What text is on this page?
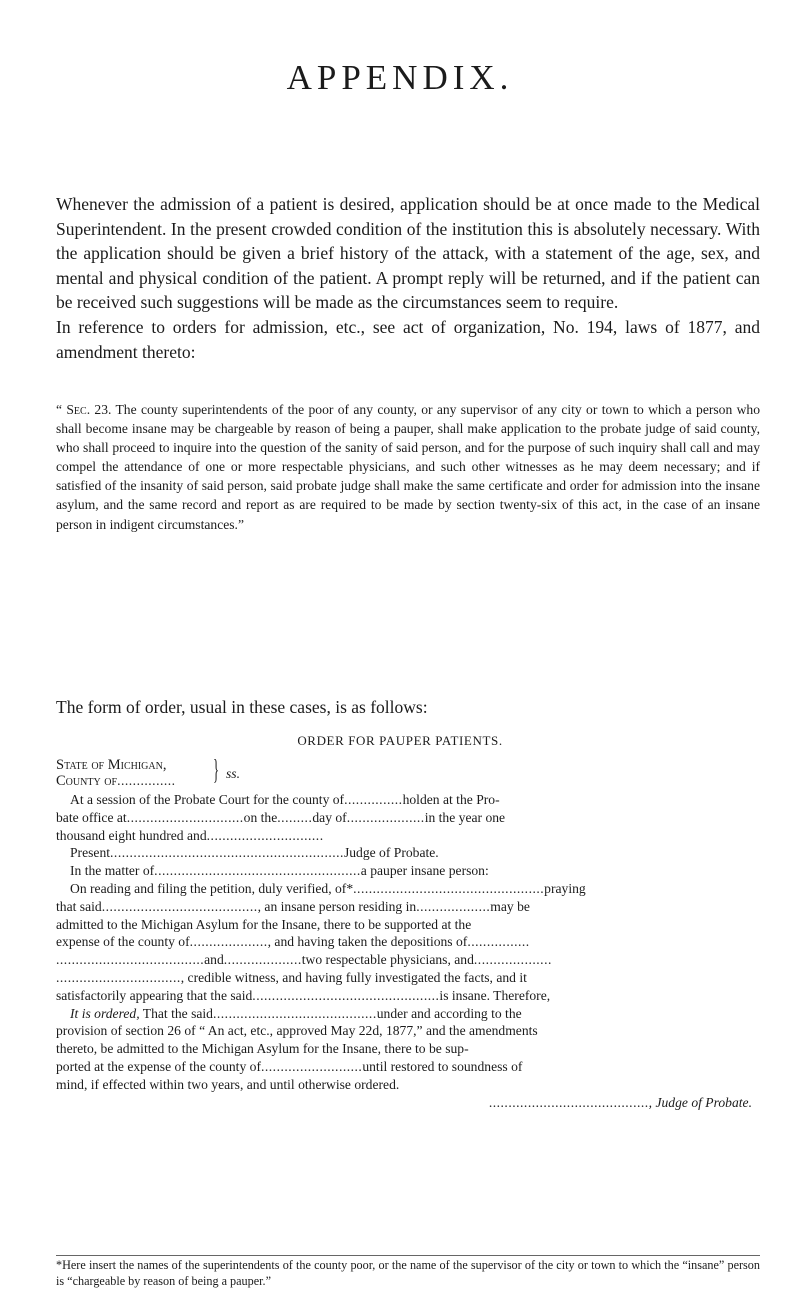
APPENDIX.

Whenever the admission of a patient is desired, application should be at once made to the Medical Superintendent. In the present crowded condition of the institution this is absolutely necessary. With the application should be given a brief history of the attack, with a statement of the age, sex, and mental and physical condition of the patient. A prompt reply will be returned, and if the patient can be received such suggestions will be made as the circumstances seem to require.

In reference to orders for admission, etc., see act of organization, No. 194, laws of 1877, and amendment thereto:

“ Sec. 23. The county superintendents of the poor of any county, or any supervisor of any city or town to which a person who shall become insane may be chargeable by reason of being a pauper, shall make application to the probate judge of said county, who shall proceed to inquire into the question of the sanity of said person, and for the purpose of such inquiry shall call and may compel the attendance of one or more respectable physicians, and such other witnesses as he may deem necessary; and if satisfied of the insanity of said person, said probate judge shall make the same certificate and order for admission into the insane asylum, and the same record and report as are required to be made by section twenty-six of this act, in the case of an insane person in indigent circumstances.”
The form of order, usual in these cases, is as follows:
ORDER FOR PAUPER PATIENTS.
State of Michigan,
County of............... } ss.
At a session of the Probate Court for the county of...............holden at the Pro-
bate office at..............................on the.........day of....................in the year one
thousand eight hundred and..............................
Present............................................................Judge of Probate.
In the matter of.....................................................a pauper insane person:
On reading and filing the petition, duly verified, of*.................................................praying
that said........................................, an insane person residing in...................may be
admitted to the Michigan Asylum for the Insane, there to be supported at the
expense of the county of...................., and having taken the depositions of................
......................................and....................two respectable physicians, and....................
................................, credible witness, and having fully investigated the facts, and it
satisfactorily appearing that the said................................................is insane. Therefore,
It is ordered, That the said..........................................under and according to the
provision of section 26 of “ An act, etc., approved May 22d, 1877,” and the amendments
thereto, be admitted to the Michigan Asylum for the Insane, there to be sup-
ported at the expense of the county of..........................until restored to soundness of
mind, if effected within two years, and until otherwise ordered.
........................................., Judge of Probate.
*Here insert the names of the superintendents of the county poor, or the name of the supervisor of the city or town to which the “insane” person is “chargeable by reason of being a pauper.”
